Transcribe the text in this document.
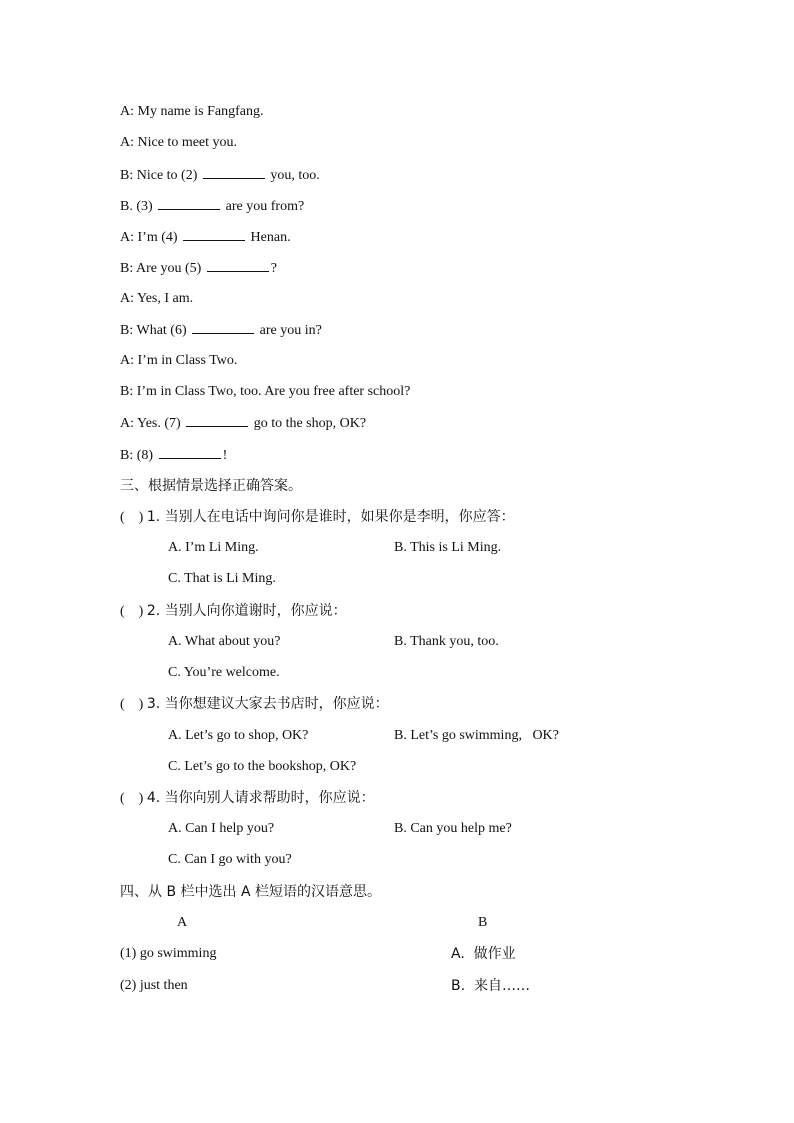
A: My name is Fangfang.
A: Nice to meet you.
B: Nice to (2)	you, too.
B. (3)	are you from?
A: I’m (4)	Henan.
B: Are you (5)	?
A: Yes, I am.
B: What (6)	are you in?
A: I’m in Class Two.
B: I’m in Class Two, too. Are you free after school?
A: Yes. (7)	go to the shop, OK?
B: (8)	!
三、根据情景选择正确答案。
(    ) 1. 当别人在电话中询问你是谁时，如果你是李明，你应答：
A. I’m Li Ming.	B. This is Li Ming.
C. That is Li Ming.
(    ) 2. 当别人向你道谢时，你应说：
A. What about you?	B. Thank you, too.
C. You’re welcome.
(    ) 3. 当你想建议大家去书店时，你应说：
A. Let’s go to shop, OK?	B. Let’s go swimming,   OK?
C. Let’s go to the bookshop, OK?
(    ) 4. 当你向别人请求帮助时，你应说：
A. Can I help you?	B. Can you help me?
C. Can I go with you?
四、从 B 栏中选出 A 栏短语的汉语意思。
A	B
(1) go swimming	A.  做作业
(2) just then	B.  来自……
